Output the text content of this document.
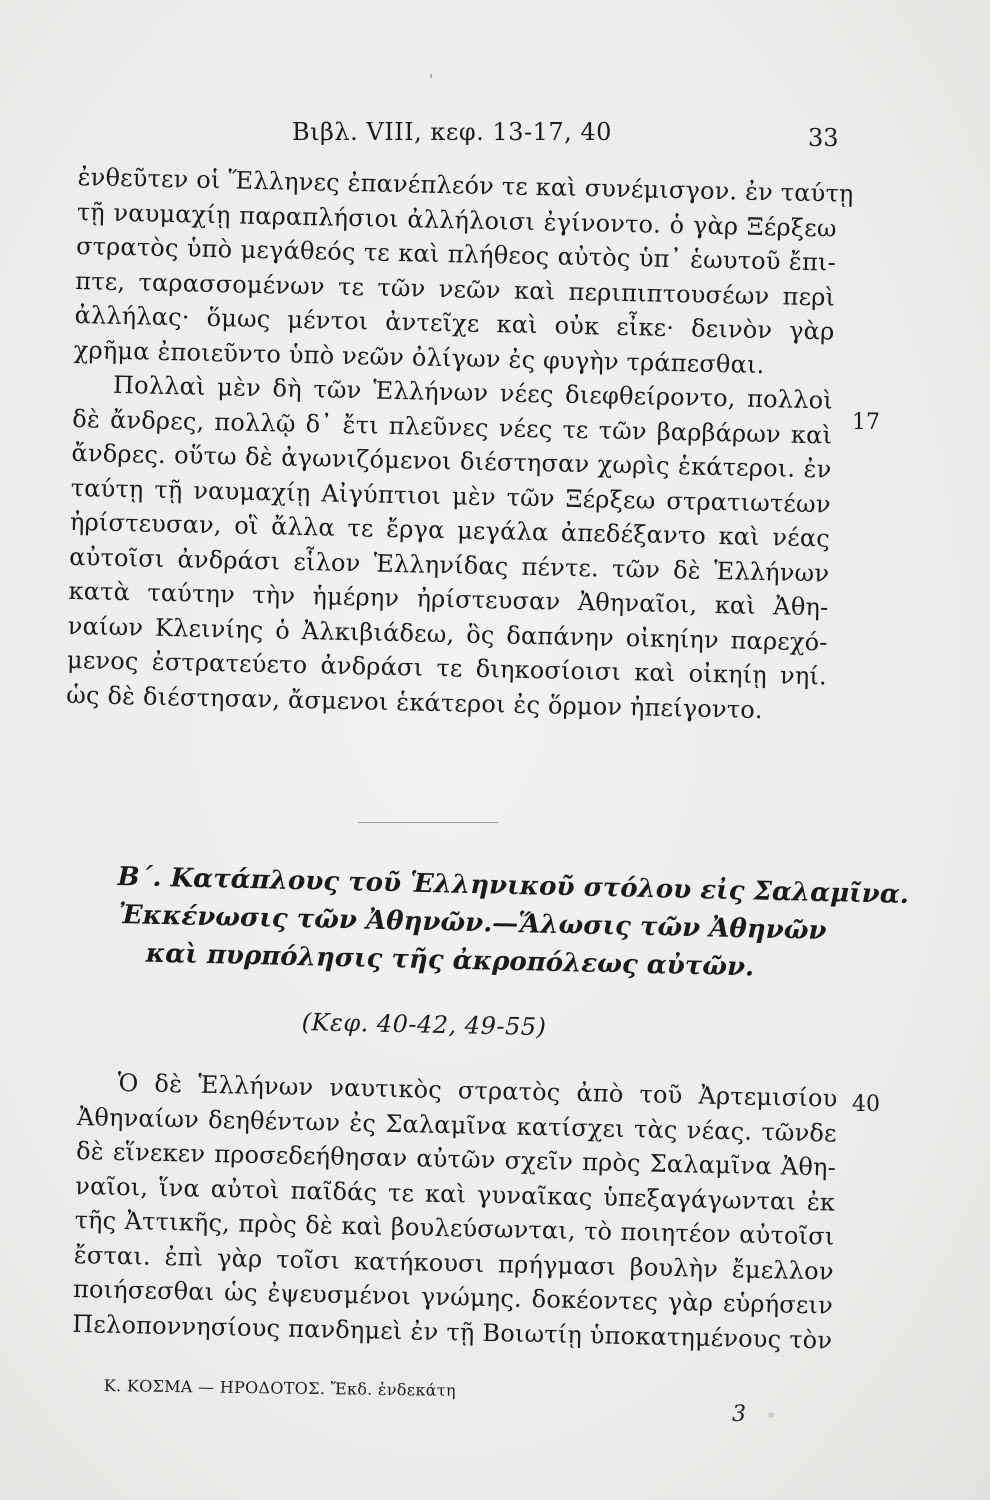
Βιβλ. VIII, κεφ. 13-17, 40	33
ἐνθεῦτεν οἱ Ἕλληνες ἐπανέπλεόν τε καὶ συνέμισγον. ἐν ταύτῃ
τῇ ναυμαχίῃ παραπλήσιοι ἀλλήλοισι ἐγίνοντο. ὁ γὰρ Ξέρξεω
στρατὸς ὑπὸ μεγάθεός τε καὶ πλήθεος αὐτὸς ὑπ᾽ ἑωυτοῦ ἔπι-
πτε, ταρασσομένων τε τῶν νεῶν καὶ περιπιπτουσέων περὶ
ἀλλήλας· ὅμως μέντοι ἀντεῖχε καὶ οὐκ εἶκε· δεινὸν γὰρ
χρῆμα ἐποιεῦντο ὑπὸ νεῶν ὀλίγων ἐς φυγὴν τράπεσθαι.
Πολλαὶ μὲν δὴ τῶν Ἑλλήνων νέες διεφθείροντο, πολλοὶ
δὲ ἄνδρες, πολλῷ δ᾽ ἔτι πλεῦνες νέες τε τῶν βαρβάρων καὶ
ἄνδρες. οὕτω δὲ ἀγωνιζόμενοι διέστησαν χωρὶς ἑκάτεροι. ἐν
ταύτῃ τῇ ναυμαχίῃ Αἰγύπτιοι μὲν τῶν Ξέρξεω στρατιωτέων
ἠρίστευσαν, οἳ ἄλλα τε ἔργα μεγάλα ἀπεδέξαντο καὶ νέας
αὐτοῖσι ἀνδράσι εἷλον Ἑλληνίδας πέντε. τῶν δὲ Ἑλλήνων
κατὰ ταύτην τὴν ἡμέρην ἠρίστευσαν Ἀθηναῖοι, καὶ Ἀθη-
ναίων Κλεινίης ὁ Ἀλκιβιάδεω, ὃς δαπάνην οἰκηίην παρεχό-
μενος ἐστρατεύετο ἀνδράσι τε διηκοσίοισι καὶ οἰκηίῃ νηί.
ὡς δὲ διέστησαν, ἄσμενοι ἑκάτεροι ἐς ὅρμον ἠπείγοντο.
17
Β΄. Κατάπλους τοῦ Ἑλληνικοῦ στόλου εἰς Σαλαμῖνα.
Ἐκκένωσις τῶν Ἀθηνῶν.—Ἅλωσις τῶν Ἀθηνῶν
καὶ πυρπόλησις τῆς ἀκροπόλεως αὐτῶν.
(Κεφ. 40-42, 49-55)
Ὁ δὲ Ἑλλήνων ναυτικὸς στρατὸς ἀπὸ τοῦ Ἀρτεμισίου
Ἀθηναίων δεηθέντων ἐς Σαλαμῖνα κατίσχει τὰς νέας. τῶνδε
δὲ εἵνεκεν προσεδεήθησαν αὐτῶν σχεῖν πρὸς Σαλαμῖνα Ἀθη-
ναῖοι, ἵνα αὐτοὶ παῖδάς τε καὶ γυναῖκας ὑπεξαγάγωνται ἐκ
τῆς Ἀττικῆς, πρὸς δὲ καὶ βουλεύσωνται, τὸ ποιητέον αὐτοῖσι
ἔσται. ἐπὶ γὰρ τοῖσι κατήκουσι πρήγμασι βουλὴν ἔμελλον
ποιήσεσθαι ὡς ἐψευσμένοι γνώμης. δοκέοντες γὰρ εὑρήσειν
Πελοποννησίους πανδημεὶ ἐν τῇ Βοιωτίῃ ὑποκατημένους τὸν
40
Κ. ΚΟΣΜΑ — ΗΡΟΔΟΤΟΣ. Ἔκδ. ἑνδεκάτη
3
